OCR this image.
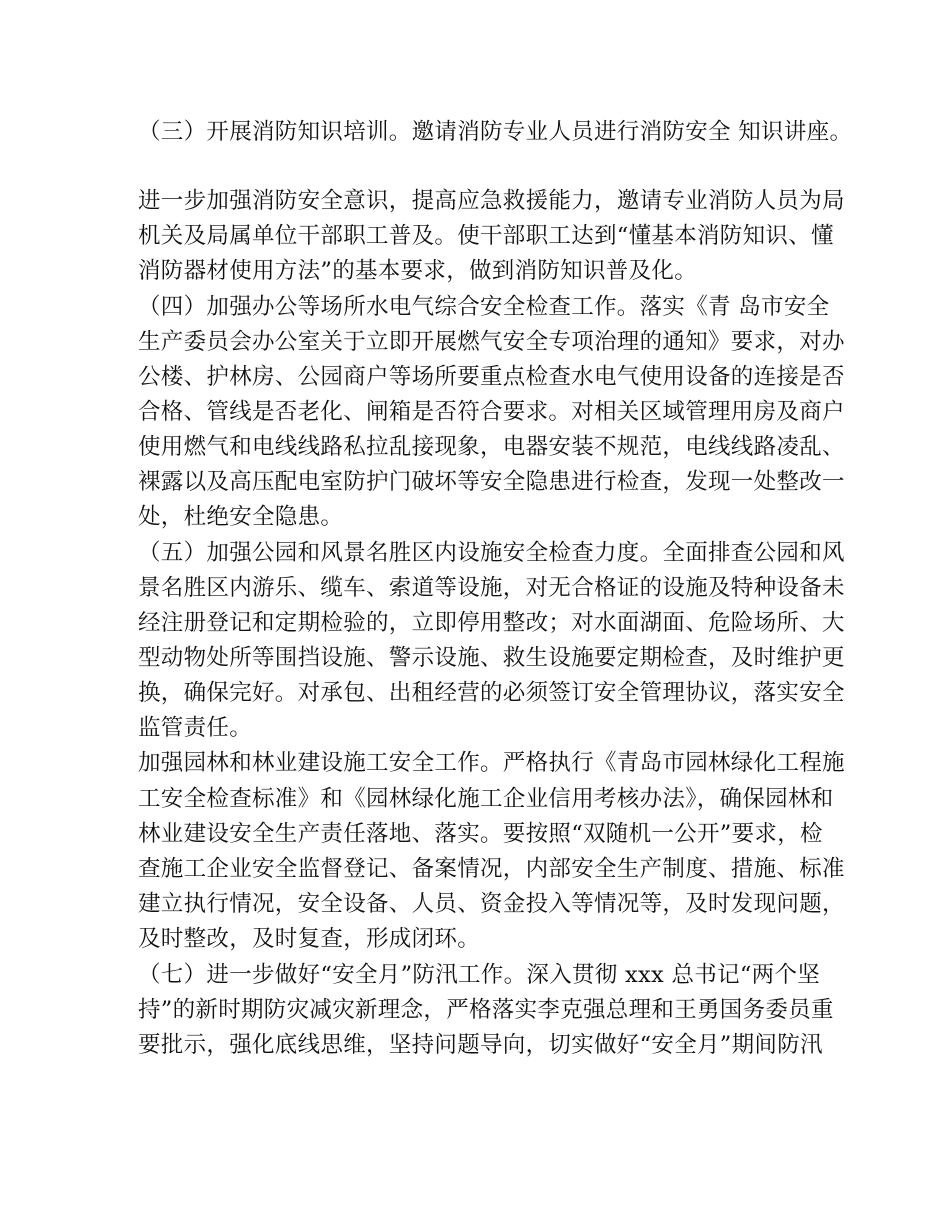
（三）开展消防知识培训。邀请消防专业人员进行消防安全 知识讲座。

进一步加强消防安全意识，提高应急救援能力，邀请专业消防人员为局

机关及局属单位干部职工普及。使干部职工达到“懂基本消防知识、懂

消防器材使用方法”的基本要求，做到消防知识普及化。

（四）加强办公等场所水电气综合安全检查工作。落实《青 岛市安全

生产委员会办公室关于立即开展燃气安全专项治理的通知》要求，对办

公楼、护林房、公园商户等场所要重点检查水电气使用设备的连接是否

合格、管线是否老化、闸箱是否符合要求。对相关区域管理用房及商户

使用燃气和电线线路私拉乱接现象，电器安装不规范，电线线路凌乱、

裸露以及高压配电室防护门破坏等安全隐患进行检查，发现一处整改一

处，杜绝安全隐患。

（五）加强公园和风景名胜区内设施安全检查力度。全面排查公园和风

景名胜区内游乐、缆车、索道等设施，对无合格证的设施及特种设备未

经注册登记和定期检验的，立即停用整改；对水面湖面、危险场所、大

型动物处所等围挡设施、警示设施、救生设施要定期检查，及时维护更

换，确保完好。对承包、出租经营的必须签订安全管理协议，落实安全

监管责任。

加强园林和林业建设施工安全工作。严格执行《青岛市园林绿化工程施

工安全检查标准》和《园林绿化施工企业信用考核办法》，确保园林和

林业建设安全生产责任落地、落实。要按照“双随机一公开”要求，检

查施工企业安全监督登记、备案情况，内部安全生产制度、措施、标准

建立执行情况，安全设备、人员、资金投入等情况等，及时发现问题，

及时整改，及时复查，形成闭环。

（七）进一步做好“安全月”防汛工作。深入贯彻 xxx 总书记“两个坚

持”的新时期防灾减灾新理念，严格落实李克强总理和王勇国务委员重

要批示，强化底线思维，坚持问题导向，切实做好“安全月”期间防汛
